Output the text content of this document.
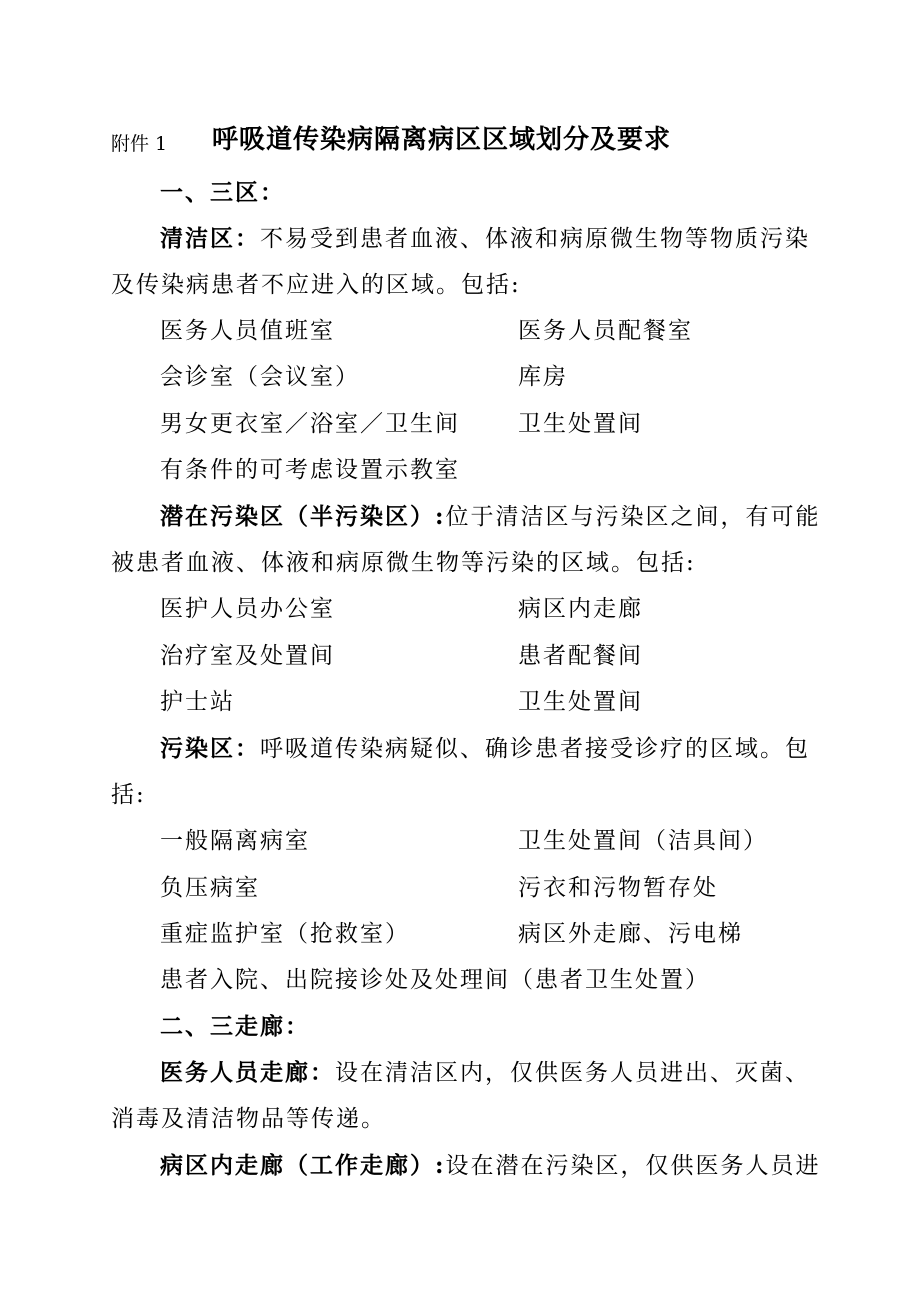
附件 1 呼吸道传染病隔离病区区域划分及要求
一、三区：
清洁区：不易受到患者血液、体液和病原微生物等物质污染
及传染病患者不应进入的区域。包括:
医务人员值班室	医务人员配餐室
会诊室（会议室）	库房
男女更衣室／浴室／卫生间	卫生处置间
有条件的可考虑设置示教室
潜在污染区（半污染区）:位于清洁区与污染区之间，有可能
被患者血液、体液和病原微生物等污染的区域。包括:
医护人员办公室	病区内走廊
治疗室及处置间	患者配餐间
护士站	卫生处置间
污染区：呼吸道传染病疑似、确诊患者接受诊疗的区域。包
括:
一般隔离病室	卫生处置间（洁具间）
负压病室	污衣和污物暂存处
重症监护室（抢救室）	病区外走廊、污电梯
患者入院、出院接诊处及处理间（患者卫生处置）
二、三走廊：
医务人员走廊：设在清洁区内，仅供医务人员进出、灭菌、
消毒及清洁物品等传递。
病区内走廊（工作走廊）:设在潜在污染区，仅供医务人员进
